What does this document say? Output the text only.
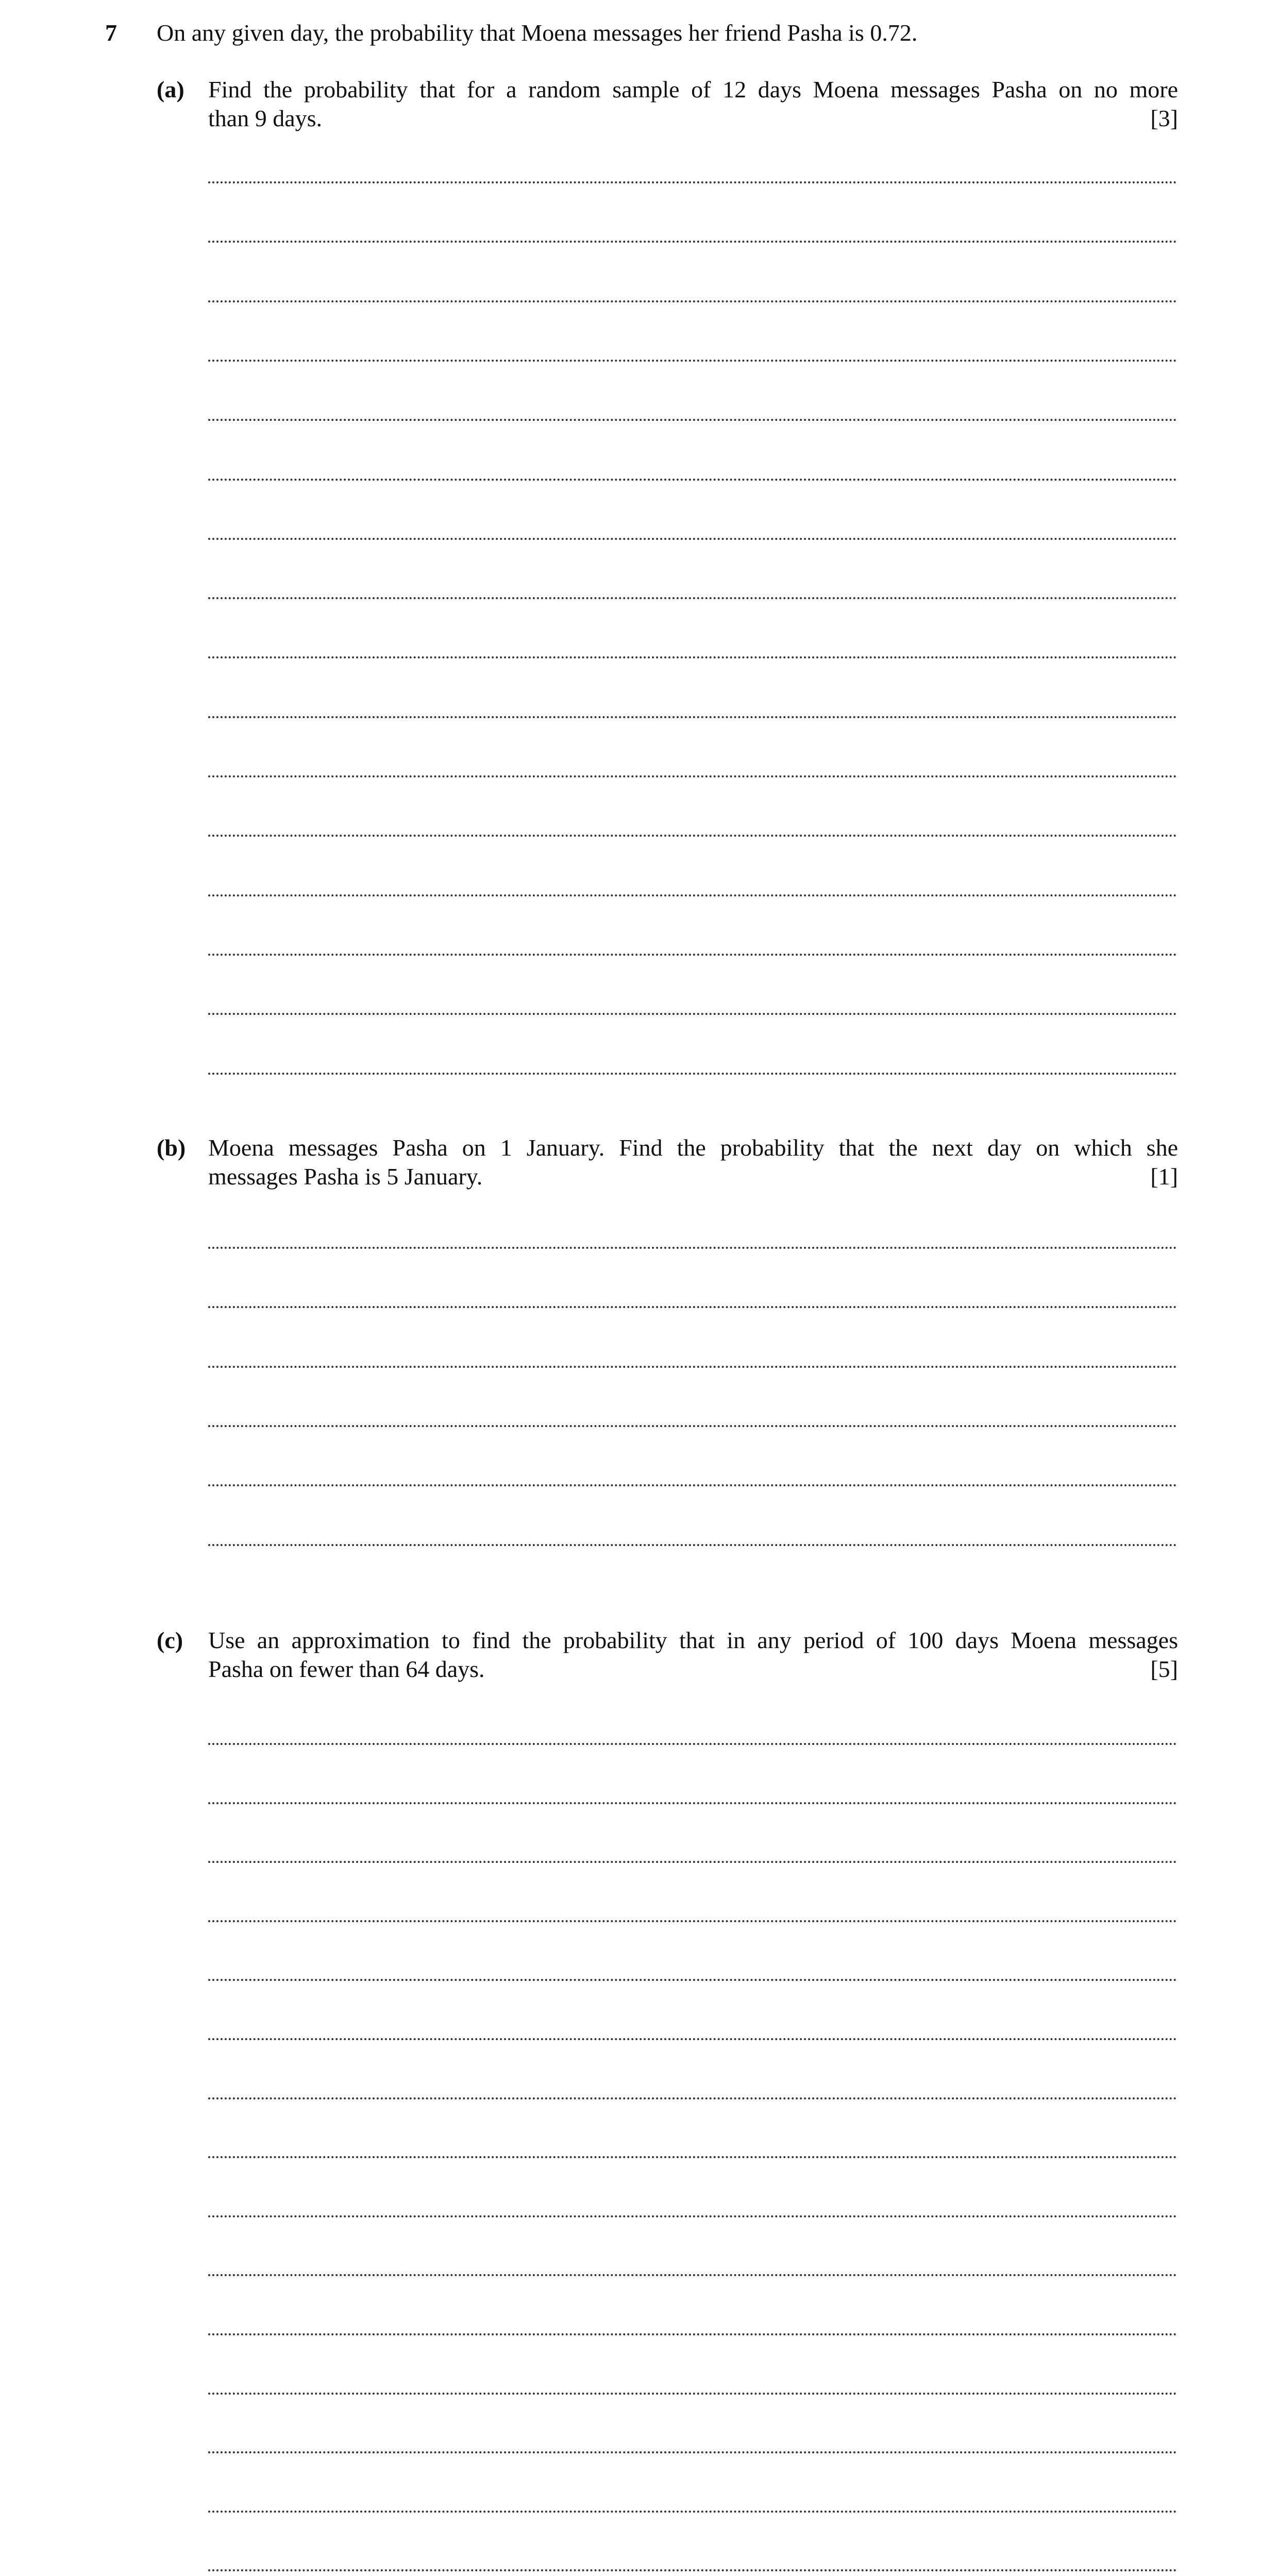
7 On any given day, the probability that Moena messages her friend Pasha is 0.72.
(a) Find the probability that for a random sample of 12 days Moena messages Pasha on no more
than 9 days.	[3]
(b) Moena messages Pasha on 1 January. Find the probability that the next day on which she
messages Pasha is 5 January.	[1]
(c) Use an approximation to find the probability that in any period of 100 days Moena messages
Pasha on fewer than 64 days.	[5]
